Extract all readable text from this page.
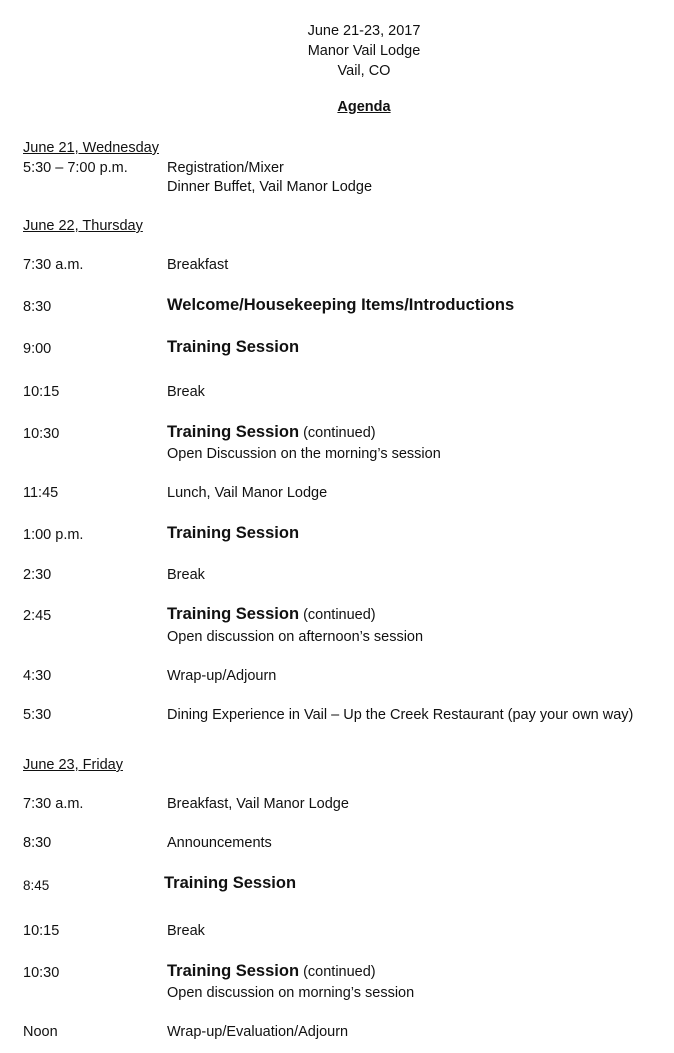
June 21-23, 2017
Manor Vail Lodge
Vail, CO
Agenda
June 21, Wednesday
5:30 – 7:00 p.m.	Registration/Mixer
Dinner Buffet, Vail Manor Lodge
June 22, Thursday
7:30 a.m.	Breakfast
8:30	Welcome/Housekeeping Items/Introductions
9:00	Training Session
10:15	Break
10:30	Training Session (continued)
Open Discussion on the morning’s session
11:45	Lunch, Vail Manor Lodge
1:00 p.m.	Training Session
2:30	Break
2:45	Training Session (continued)
Open discussion on afternoon’s session
4:30	Wrap-up/Adjourn
5:30	Dining Experience in Vail – Up the Creek Restaurant (pay your own way)
June 23, Friday
7:30 a.m.	Breakfast, Vail Manor Lodge
8:30	Announcements
8:45	Training Session
10:15	Break
10:30	Training Session (continued)
Open discussion on morning’s session
Noon	Wrap-up/Evaluation/Adjourn
